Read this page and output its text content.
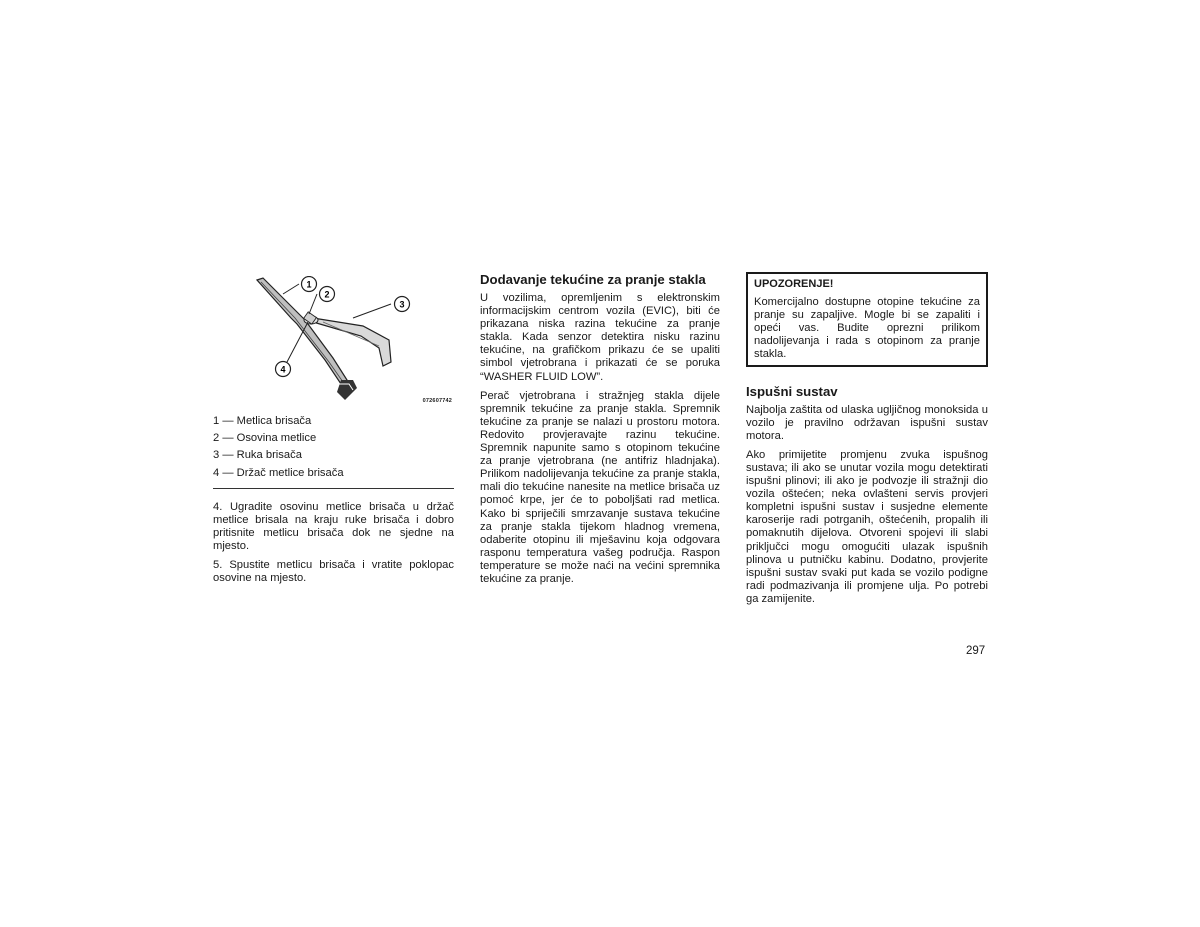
1
2
3
4
072607742
1 — Metlica brisača
2 — Osovina metlice
3 — Ruka brisača
4 — Držač metlice brisača

4. Ugradite osovinu metlice brisača u držač metlice brisala na kraju ruke brisača i dobro pritisnite metlicu brisača dok ne sjedne na mjesto.

5. Spustite metlicu brisača i vratite poklopac osovine na mjesto.

Dodavanje tekućine za pranje stakla

U vozilima, opremljenim s elektronskim informacijskim centrom vozila (EVIC), biti će prikazana niska razina tekućine za pranje stakla. Kada senzor detektira nisku razinu tekućine, na grafičkom prikazu će se upaliti simbol vjetrobrana i prikazati će se poruka “WASHER FLUID LOW”.

Perač vjetrobrana i stražnjeg stakla dijele spremnik tekućine za pranje stakla. Spremnik tekućine za pranje se nalazi u prostoru motora. Redovito provjeravajte razinu tekućine. Spremnik napunite samo s otopinom tekućine za pranje vjetrobrana (ne antifriz hladnjaka). Prilikom nadolijevanja tekućine za pranje stakla, mali dio tekućine nanesite na metlice brisača uz pomoć krpe, jer će to poboljšati rad metlica. Kako bi spriječili smrzavanje sustava tekućine za pranje stakla tijekom hladnog vremena, odaberite otopinu ili mješavinu koja odgovara rasponu temperatura vašeg područja. Raspon temperature se može naći na većini spremnika tekućine za pranje.

UPOZORENJE!

Komercijalno dostupne otopine tekućine za pranje su zapaljive. Mogle bi se zapaliti i opeći vas. Budite oprezni prilikom nadolijevanja i rada s otopinom za pranje stakla.

Ispušni sustav

Najbolja zaštita od ulaska ugljičnog monoksida u vozilo je pravilno održavan ispušni sustav motora.

Ako primijetite promjenu zvuka ispušnog sustava; ili ako se unutar vozila mogu detektirati ispušni plinovi; ili ako je podvozje ili stražnji dio vozila oštećen; neka ovlašteni servis provjeri kompletni ispušni sustav i susjedne elemente karoserije radi potrganih, oštećenih, propalih ili pomaknutih dijelova. Otvoreni spojevi ili slabi priključci mogu omogućiti ulazak ispušnih plinova u putničku kabinu. Dodatno, provjerite ispušni sustav svaki put kada se vozilo podigne radi podmazivanja ili promjene ulja. Po potrebi ga zamijenite.

297
